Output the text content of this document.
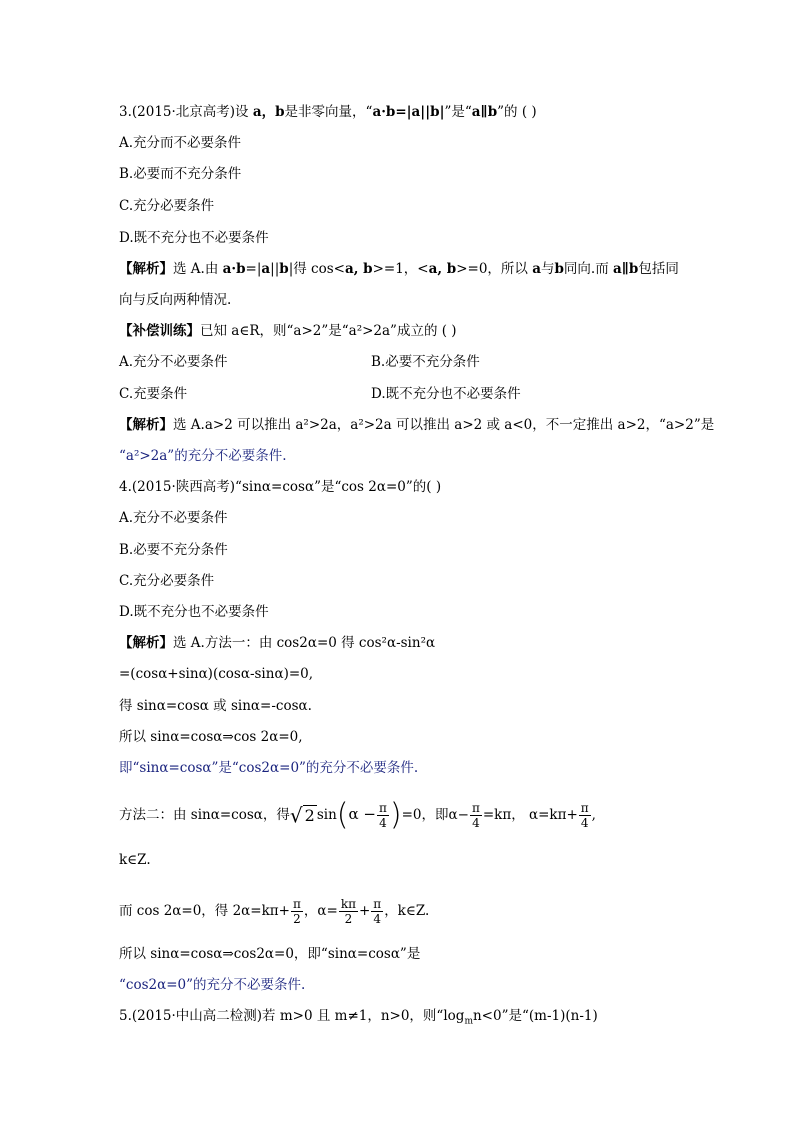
3.(2015·北京高考)设 a，b是非零向量，“a·b=|a||b|”是“a∥b”的 ( )
A.充分而不必要条件
B.必要而不充分条件
C.充分必要条件
D.既不充分也不必要条件
【解析】选 A.由 a·b=|a||b|得 cos<a, b>=1，<a, b>=0，所以 a与b同向.而 a∥b包括同
向与反向两种情况.
【补偿训练】已知 a∈R，则“a>2”是“a²>2a”成立的 ( )
A.充分不必要条件	B.必要不充分条件
C.充要条件	D.既不充分也不必要条件
【解析】选 A.a>2 可以推出 a²>2a，a²>2a 可以推出 a>2 或 a<0，不一定推出 a>2，“a>2”是
“a²>2a”的充分不必要条件.
4.(2015·陕西高考)“sinα=cosα”是“cos 2α=0”的( )
A.充分不必要条件
B.必要不充分条件
C.充分必要条件
D.既不充分也不必要条件
【解析】选 A.方法一：由 cos2α=0 得 cos²α-sin²α
=(cosα+sinα)(cosα-sinα)=0,
得 sinα=cosα 或 sinα=-cosα.
所以 sinα=cosα⇒cos 2α=0,
即“sinα=cosα”是“cos2α=0”的充分不必要条件.
方法二：由 sinα=cosα，得√ 2 $\sin(\alpha - \frac{\pi}{4} )=0$，即$\alpha- \frac{\pi}{4} =k\pi$， $\alpha=k\pi+ \frac{\pi}{4}$ ,
k∈Z.
而 cos 2α=0，得 $2\alpha=k\pi+ \frac{\pi}{2}$ ，$\alpha= \frac{k\pi}{2} + \frac{\pi}{4}$ ，k∈Z.
所以 sinα=cosα⇒cos2α=0，即“sinα=cosα”是
“cos2α=0”的充分不必要条件.
5.(2015·中山高二检测)若 m>0 且 m≠1，n>0，则“$\log_mn<0$”是“(m-1)(n-1)
